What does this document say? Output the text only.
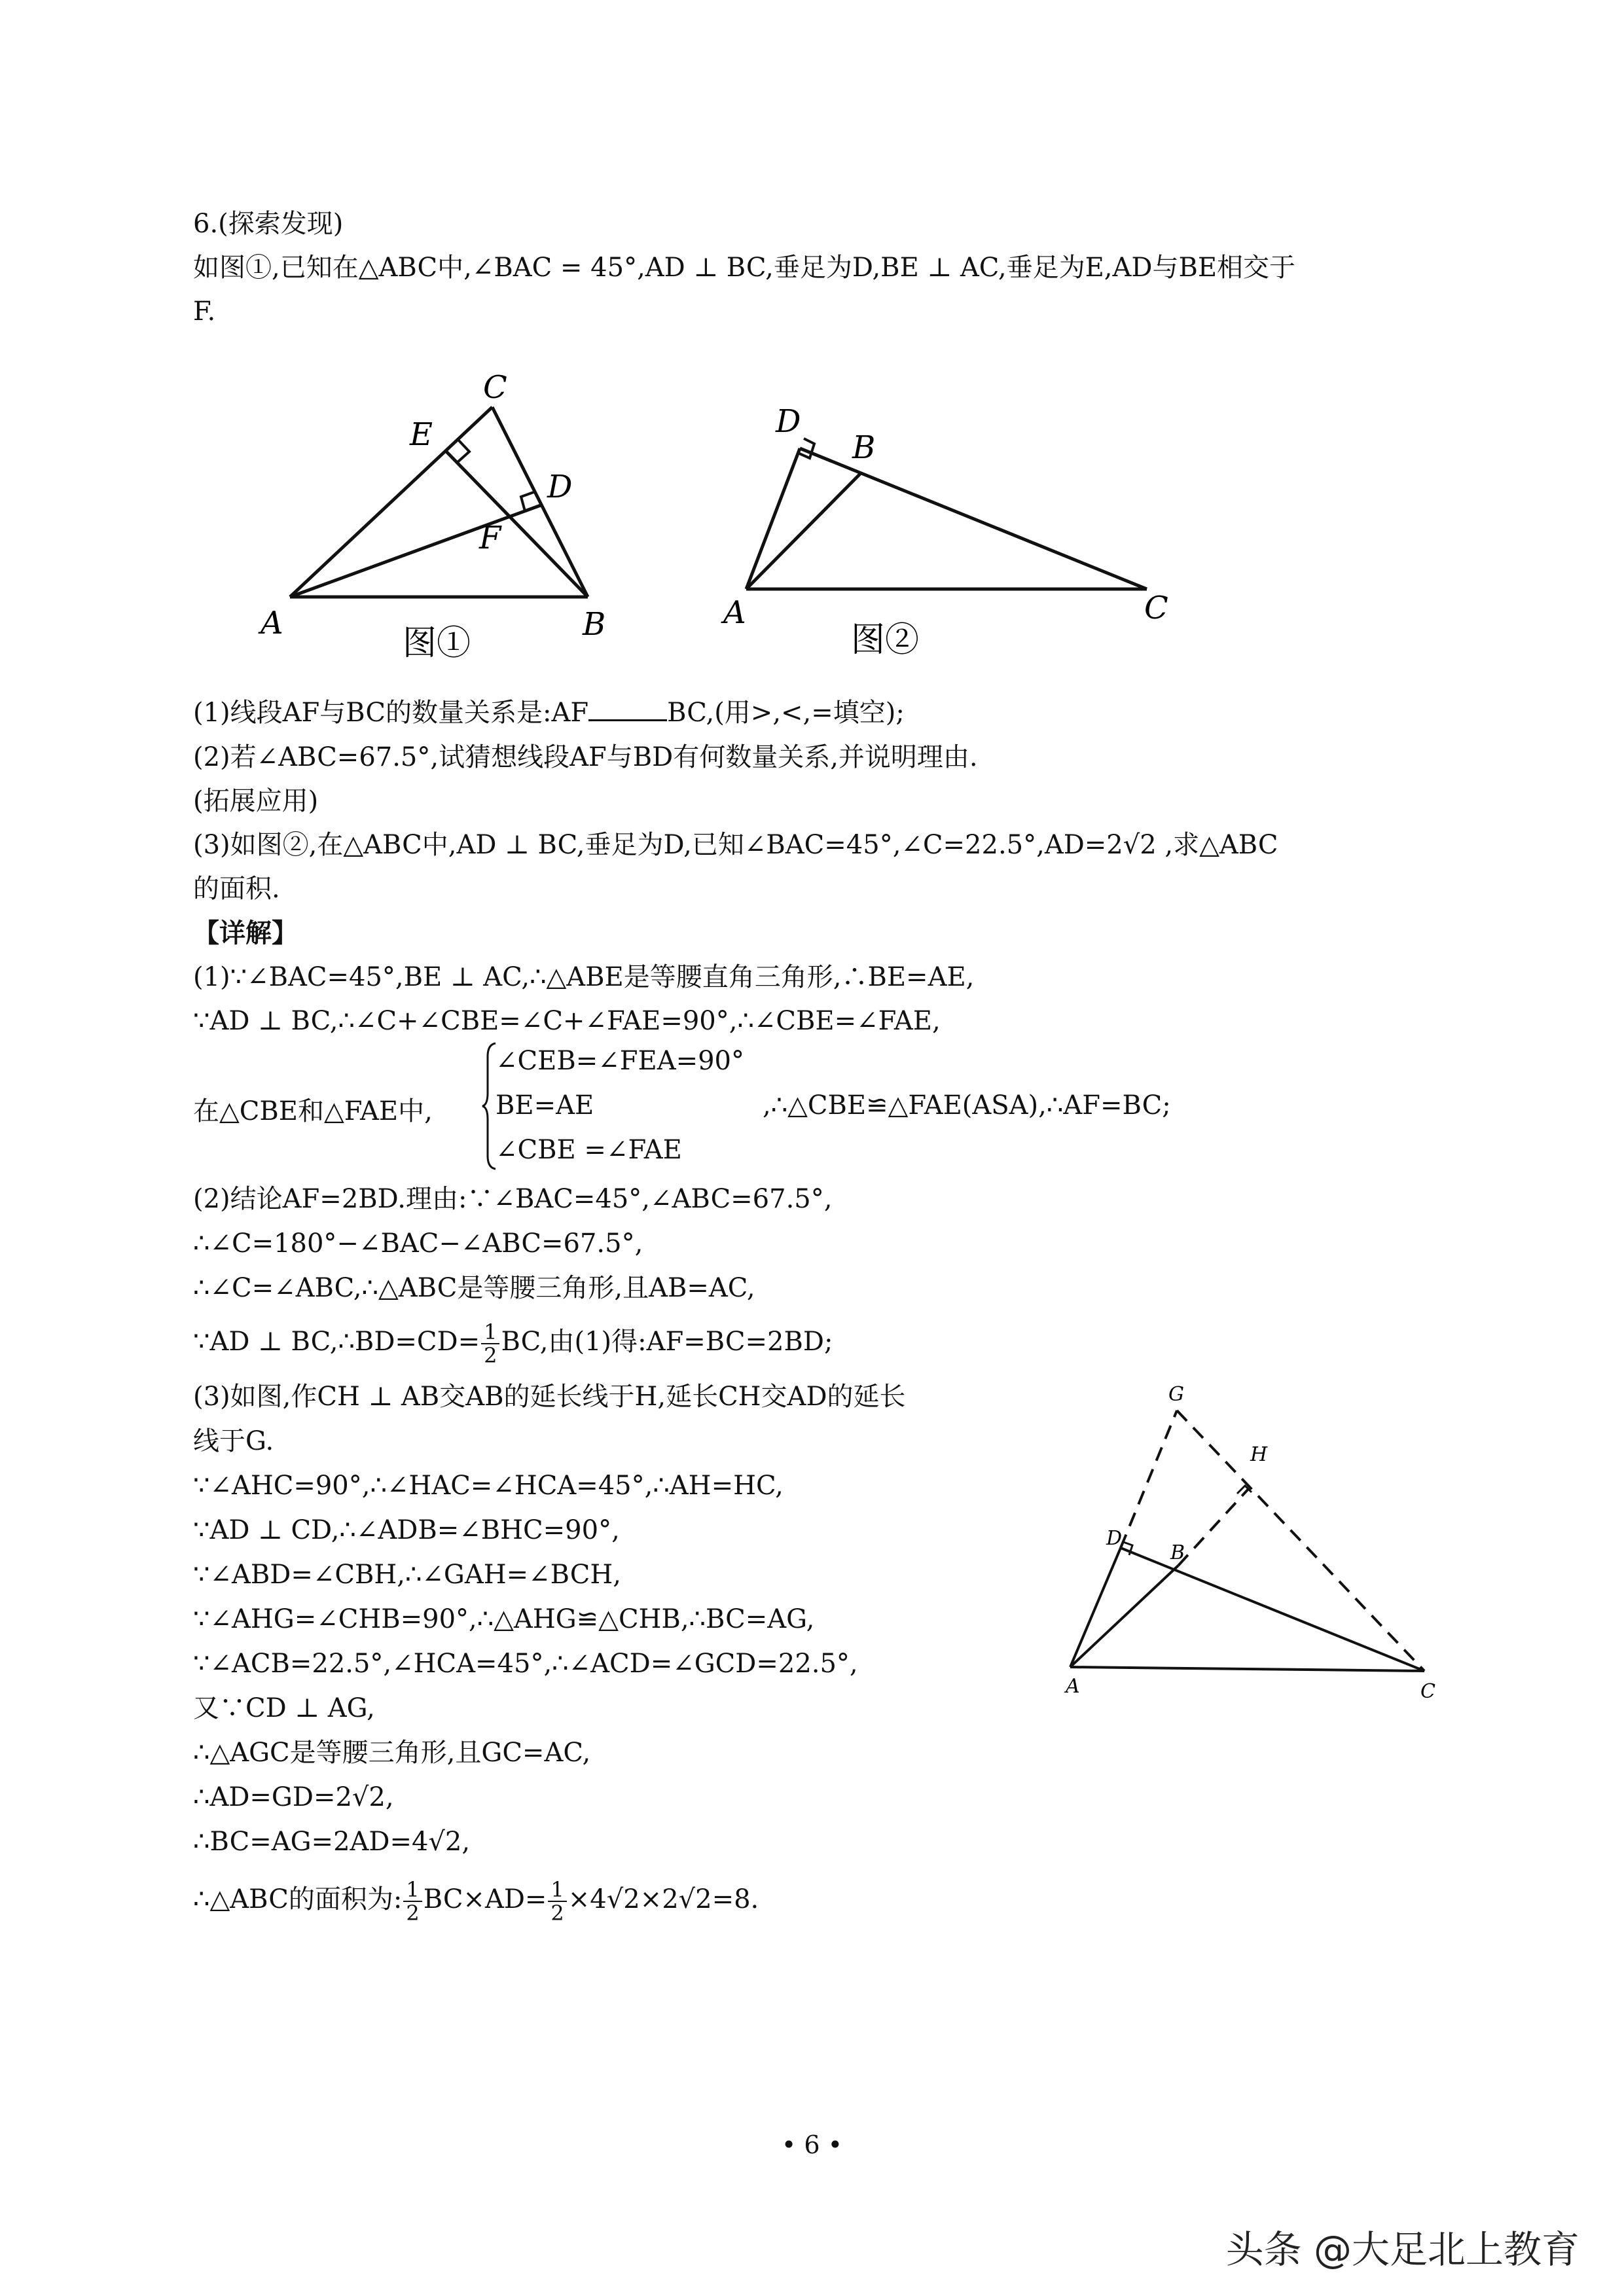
6.(探索发现)
如图①,已知在△ABC中,∠BAC = 45°,AD ⊥ BC,垂足为D,BE ⊥ AC,垂足为E,AD与BE相交于
F.
C
E
D
F
A	B
图①
D
B
A	C
图②
(1)线段AF与BC的数量关系是:AF	BC,(用>,<,=填空);
(2)若∠ABC=67.5°,试猜想线段AF与BD有何数量关系,并说明理由.
(拓展应用)
(3)如图②,在△ABC中,AD ⊥ BC,垂足为D,已知∠BAC=45°,∠C=22.5°,AD=2√2 ,求△ABC
的面积.
【详解】
(1)∵∠BAC=45°,BE ⊥ AC,∴△ABE是等腰直角三角形,∴BE=AE,
∵AD ⊥ BC,∴∠C+∠CBE=∠C+∠FAE=90°,∴∠CBE=∠FAE,
在△CBE和△FAE中,
∠CEB=∠FEA=90°
BE=AE
∠CBE =∠FAE
,∴△CBE≌△FAE(ASA),∴AF=BC;
(2)结论AF=2BD.理由:∵∠BAC=45°,∠ABC=67.5°,
∴∠C=180°−∠BAC−∠ABC=67.5°,
∴∠C=∠ABC,∴△ABC是等腰三角形,且AB=AC,
∵AD ⊥ BC,∴BD=CD= $\frac{1}{2}$ BC,由(1)得:AF=BC=2BD;
(3)如图,作CH ⊥ AB交AB的延长线于H,延长CH交AD的延长
线于G.
∵∠AHC=90°,∴∠HAC=∠HCA=45°,∴AH=HC,
∵AD ⊥ CD,∴∠ADB=∠BHC=90°,
∵∠ABD=∠CBH,∴∠GAH=∠BCH,
∵∠AHG=∠CHB=90°,∴△AHG≌△CHB,∴BC=AG,
∵∠ACB=22.5°,∠HCA=45°,∴∠ACD=∠GCD=22.5°,
又∵CD ⊥ AG,
∴△AGC是等腰三角形,且GC=AC,
∴AD=GD=2√2,
∴BC=AG=2AD=4√2,
∴△ABC的面积为: $\frac{1}{2} BC\times AD= \frac{1}{2} \times 4√2\times 2√2=8$.
G
H
D
B
A	C
• 6 •
头条 @大足北上教育
